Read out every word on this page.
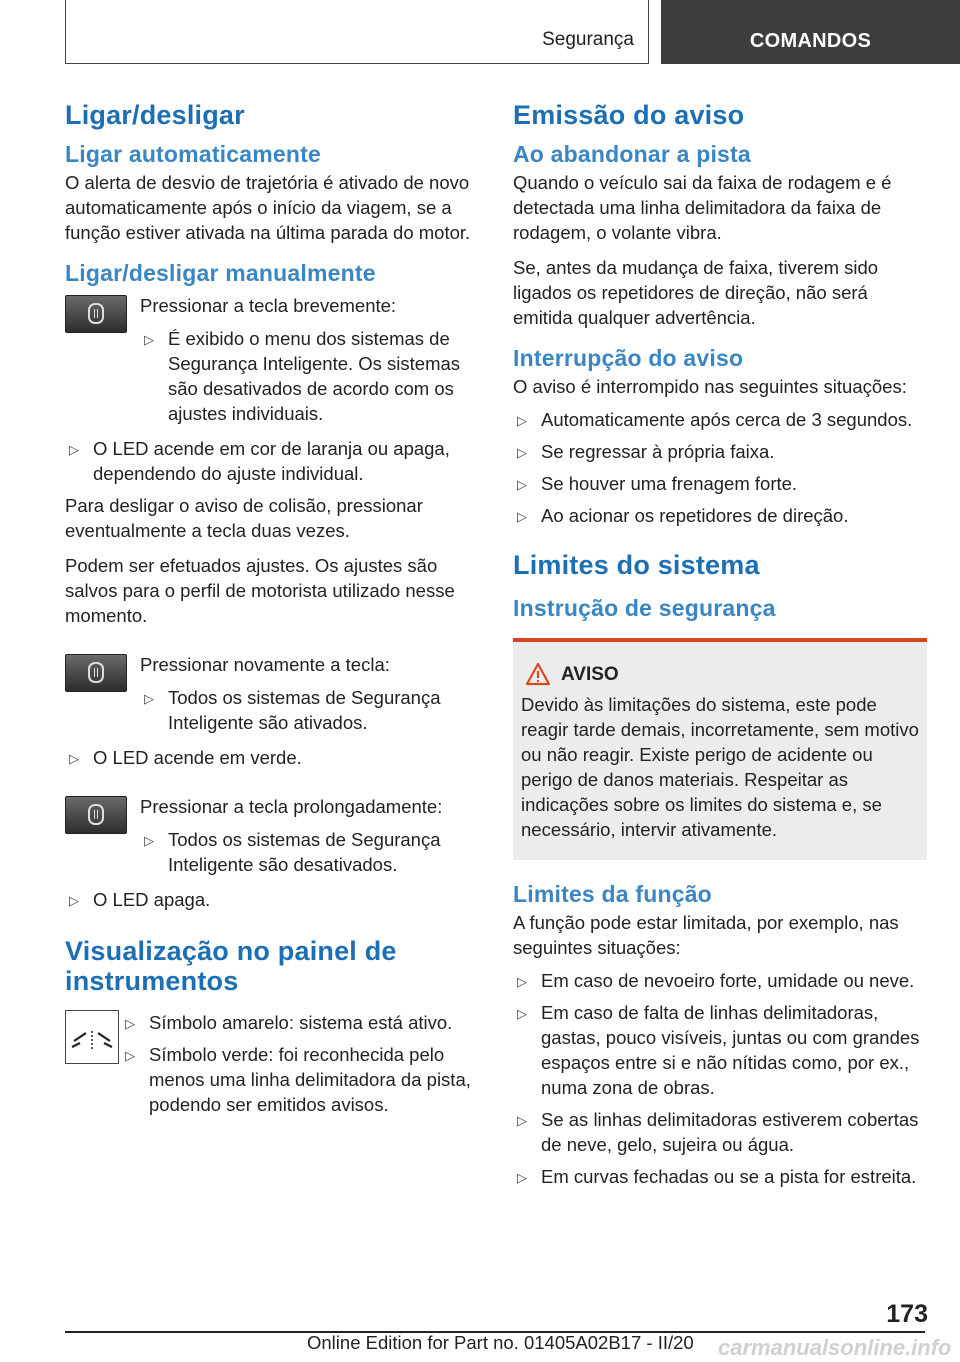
Segurança	COMANDOS
Ligar/desligar
Ligar automaticamente

O alerta de desvio de trajetória é ativado de novo automaticamente após o início da viagem, se a função estiver ativada na última parada do motor.

Ligar/desligar manualmente

Pressionar a tecla brevemente:

▷ É exibido o menu dos sistemas de Segurança Inteligente. Os sistemas são desativados de acordo com os ajustes individuais.
▷ O LED acende em cor de laranja ou apaga, dependendo do ajuste individual.

Para desligar o aviso de colisão, pressionar eventualmente a tecla duas vezes.

Podem ser efetuados ajustes. Os ajustes são salvos para o perfil de motorista utilizado nesse momento.

Pressionar novamente a tecla:

▷ Todos os sistemas de Segurança Inteligente são ativados.
▷ O LED acende em verde.

Pressionar a tecla prolongadamente:

▷ Todos os sistemas de Segurança Inteligente são desativados.
▷ O LED apaga.
Visualização no painel de instrumentos
▷ Símbolo amarelo: sistema está ativo.
▷ Símbolo verde: foi reconhecida pelo menos uma linha delimitadora da pista, podendo ser emitidos avisos.
Emissão do aviso
Ao abandonar a pista

Quando o veículo sai da faixa de rodagem e é detectada uma linha delimitadora da faixa de rodagem, o volante vibra.

Se, antes da mudança de faixa, tiverem sido ligados os repetidores de direção, não será emitida qualquer advertência.

Interrupção do aviso

O aviso é interrompido nas seguintes situações:

▷ Automaticamente após cerca de 3 segundos.
▷ Se regressar à própria faixa.
▷ Se houver uma frenagem forte.
▷ Ao acionar os repetidores de direção.
Limites do sistema
Instrução de segurança
AVISO

Devido às limitações do sistema, este pode reagir tarde demais, incorretamente, sem motivo ou não reagir. Existe perigo de acidente ou perigo de danos materiais. Respeitar as indicações sobre os limites do sistema e, se necessário, intervir ativamente.

Limites da função

A função pode estar limitada, por exemplo, nas seguintes situações:

▷ Em caso de nevoeiro forte, umidade ou neve.
▷ Em caso de falta de linhas delimitadoras, gastas, pouco visíveis, juntas ou com grandes espaços entre si e não nítidas como, por ex., numa zona de obras.
▷ Se as linhas delimitadoras estiverem cobertas de neve, gelo, sujeira ou água.
▷ Em curvas fechadas ou se a pista for estreita.
173
Online Edition for Part no. 01405A02B17 - II/20 carmanualsonline.info
